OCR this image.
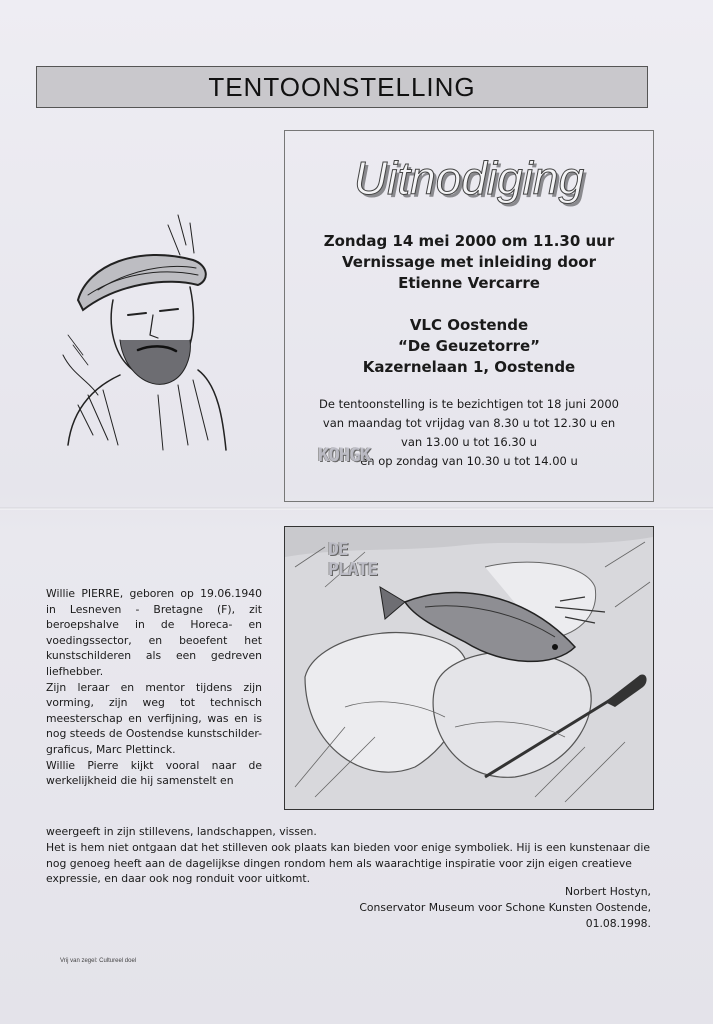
TENTOONSTELLING
Uitnodiging
Zondag 14 mei 2000 om 11.30 uur
Vernissage met inleiding door
Etienne Vercarre
VLC Oostende
“De Geuzetorre”
Kazernelaan 1, Oostende
De tentoonstelling is te bezichtigen tot 18 juni 2000
van maandag tot vrijdag van 8.30 u tot 12.30 u en
van 13.00 u tot 16.30 u
en op zondag van 10.30 u tot 14.00 u
KOHGK
DE PLATE

Willie PIERRE, geboren op 19.06.1940 in Lesneven - Bretagne (F), zit beroepshalve in de Horeca- en voedingssector, en beoefent het kunstschilderen als een gedreven liefhebber.

Zijn leraar en mentor tijdens zijn vorming, zijn weg tot technisch meesterschap en verfijning, was en is nog steeds de Oostendse kunstschilder-graficus, Marc Plettinck.

Willie Pierre kijkt vooral naar de werkelijkheid die hij samenstelt en

weergeeft in zijn stillevens, landschappen, vissen.

Het is hem niet ontgaan dat het stilleven ook plaats kan bieden voor enige symboliek. Hij is een kunstenaar die nog genoeg heeft aan de dagelijkse dingen rondom hem als waarachtige inspiratie voor zijn eigen creatieve expressie, en daar ook nog ronduit voor uitkomt.

Norbert Hostyn,
Conservator Museum voor Schone Kunsten Oostende,
01.08.1998.
Vrij van zegel: Cultureel doel
